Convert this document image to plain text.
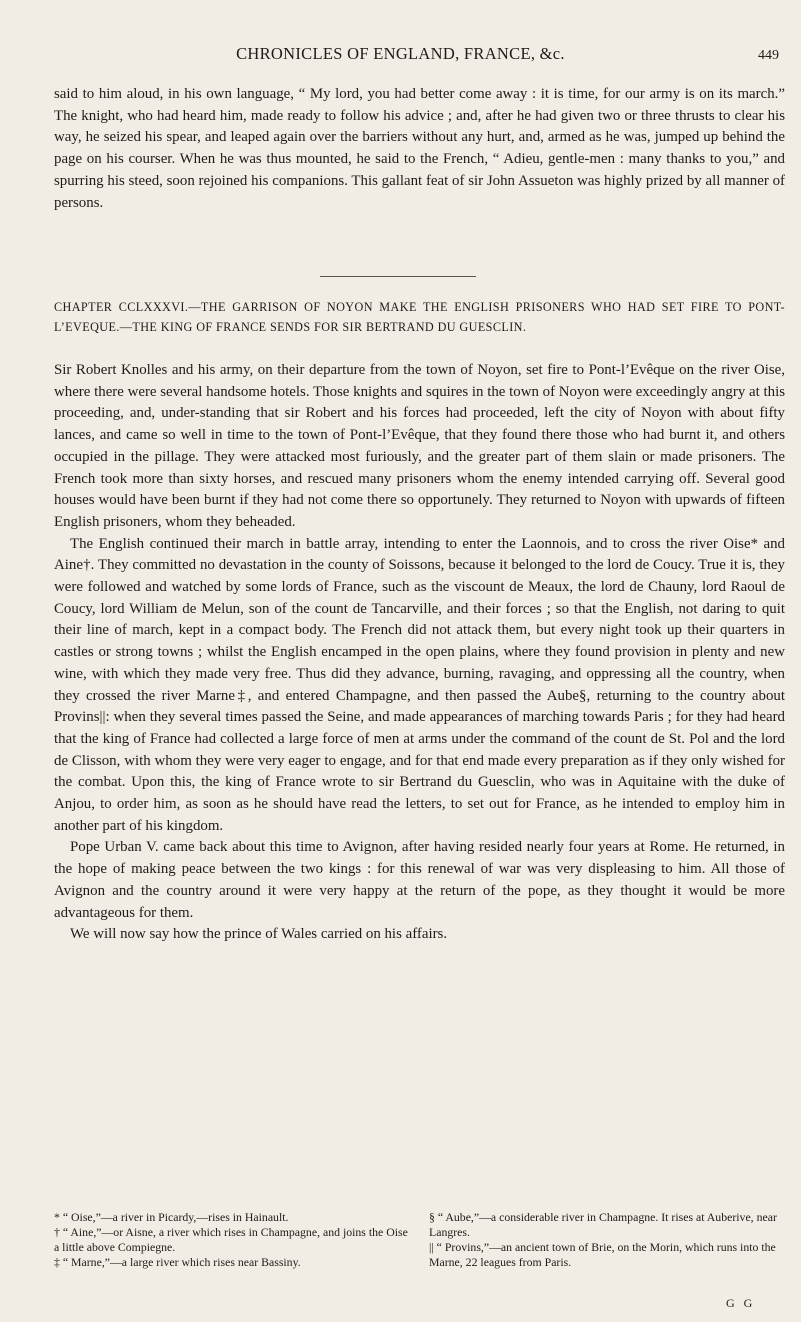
CHRONICLES OF ENGLAND, FRANCE, &c.	449

said to him aloud, in his own language, “ My lord, you had better come away : it is time, for our army is on its march.” The knight, who had heard him, made ready to follow his advice ; and, after he had given two or three thrusts to clear his way, he seized his spear, and leaped again over the barriers without any hurt, and, armed as he was, jumped up behind the page on his courser. When he was thus mounted, he said to the French, “ Adieu, gentle-men : many thanks to you,” and spurring his steed, soon rejoined his companions. This gallant feat of sir John Assueton was highly prized by all manner of persons.

CHAPTER CCLXXXVI.—THE GARRISON OF NOYON MAKE THE ENGLISH PRISONERS WHO HAD SET FIRE TO PONT-L’EVEQUE.—THE KING OF FRANCE SENDS FOR SIR BERTRAND DU GUESCLIN.

Sir Robert Knolles and his army, on their departure from the town of Noyon, set fire to Pont-l’Evêque on the river Oise, where there were several handsome hotels. Those knights and squires in the town of Noyon were exceedingly angry at this proceeding, and, under-standing that sir Robert and his forces had proceeded, left the city of Noyon with about fifty lances, and came so well in time to the town of Pont-l’Evêque, that they found there those who had burnt it, and others occupied in the pillage. They were attacked most furiously, and the greater part of them slain or made prisoners. The French took more than sixty horses, and rescued many prisoners whom the enemy intended carrying off. Several good houses would have been burnt if they had not come there so opportunely. They returned to Noyon with upwards of fifteen English prisoners, whom they beheaded.

The English continued their march in battle array, intending to enter the Laonnois, and to cross the river Oise* and Aine†. They committed no devastation in the county of Soissons, because it belonged to the lord de Coucy. True it is, they were followed and watched by some lords of France, such as the viscount de Meaux, the lord de Chauny, lord Raoul de Coucy, lord William de Melun, son of the count de Tancarville, and their forces ; so that the English, not daring to quit their line of march, kept in a compact body. The French did not attack them, but every night took up their quarters in castles or strong towns ; whilst the English encamped in the open plains, where they found provision in plenty and new wine, with which they made very free. Thus did they advance, burning, ravaging, and oppressing all the country, when they crossed the river Marne‡, and entered Champagne, and then passed the Aube§, returning to the country about Provins||: when they several times passed the Seine, and made appearances of marching towards Paris ; for they had heard that the king of France had collected a large force of men at arms under the command of the count de St. Pol and the lord de Clisson, with whom they were very eager to engage, and for that end made every preparation as if they only wished for the combat. Upon this, the king of France wrote to sir Bertrand du Guesclin, who was in Aquitaine with the duke of Anjou, to order him, as soon as he should have read the letters, to set out for France, as he intended to employ him in another part of his kingdom.

Pope Urban V. came back about this time to Avignon, after having resided nearly four years at Rome. He returned, in the hope of making peace between the two kings : for this renewal of war was very displeasing to him. All those of Avignon and the country around it were very happy at the return of the pope, as they thought it would be more advantageous for them.

We will now say how the prince of Wales carried on his affairs.

* “ Oise,”—a river in Picardy,—rises in Hainault.

† “ Aine,”—or Aisne, a river which rises in Champagne, and joins the Oise a little above Compiegne.

‡ “ Marne,”—a large river which rises near Bassiny.

§ “ Aube,”—a considerable river in Champagne. It rises at Auberive, near Langres.

|| “ Provins,”—an ancient town of Brie, on the Morin, which runs into the Marne, 22 leagues from Paris.

G G
